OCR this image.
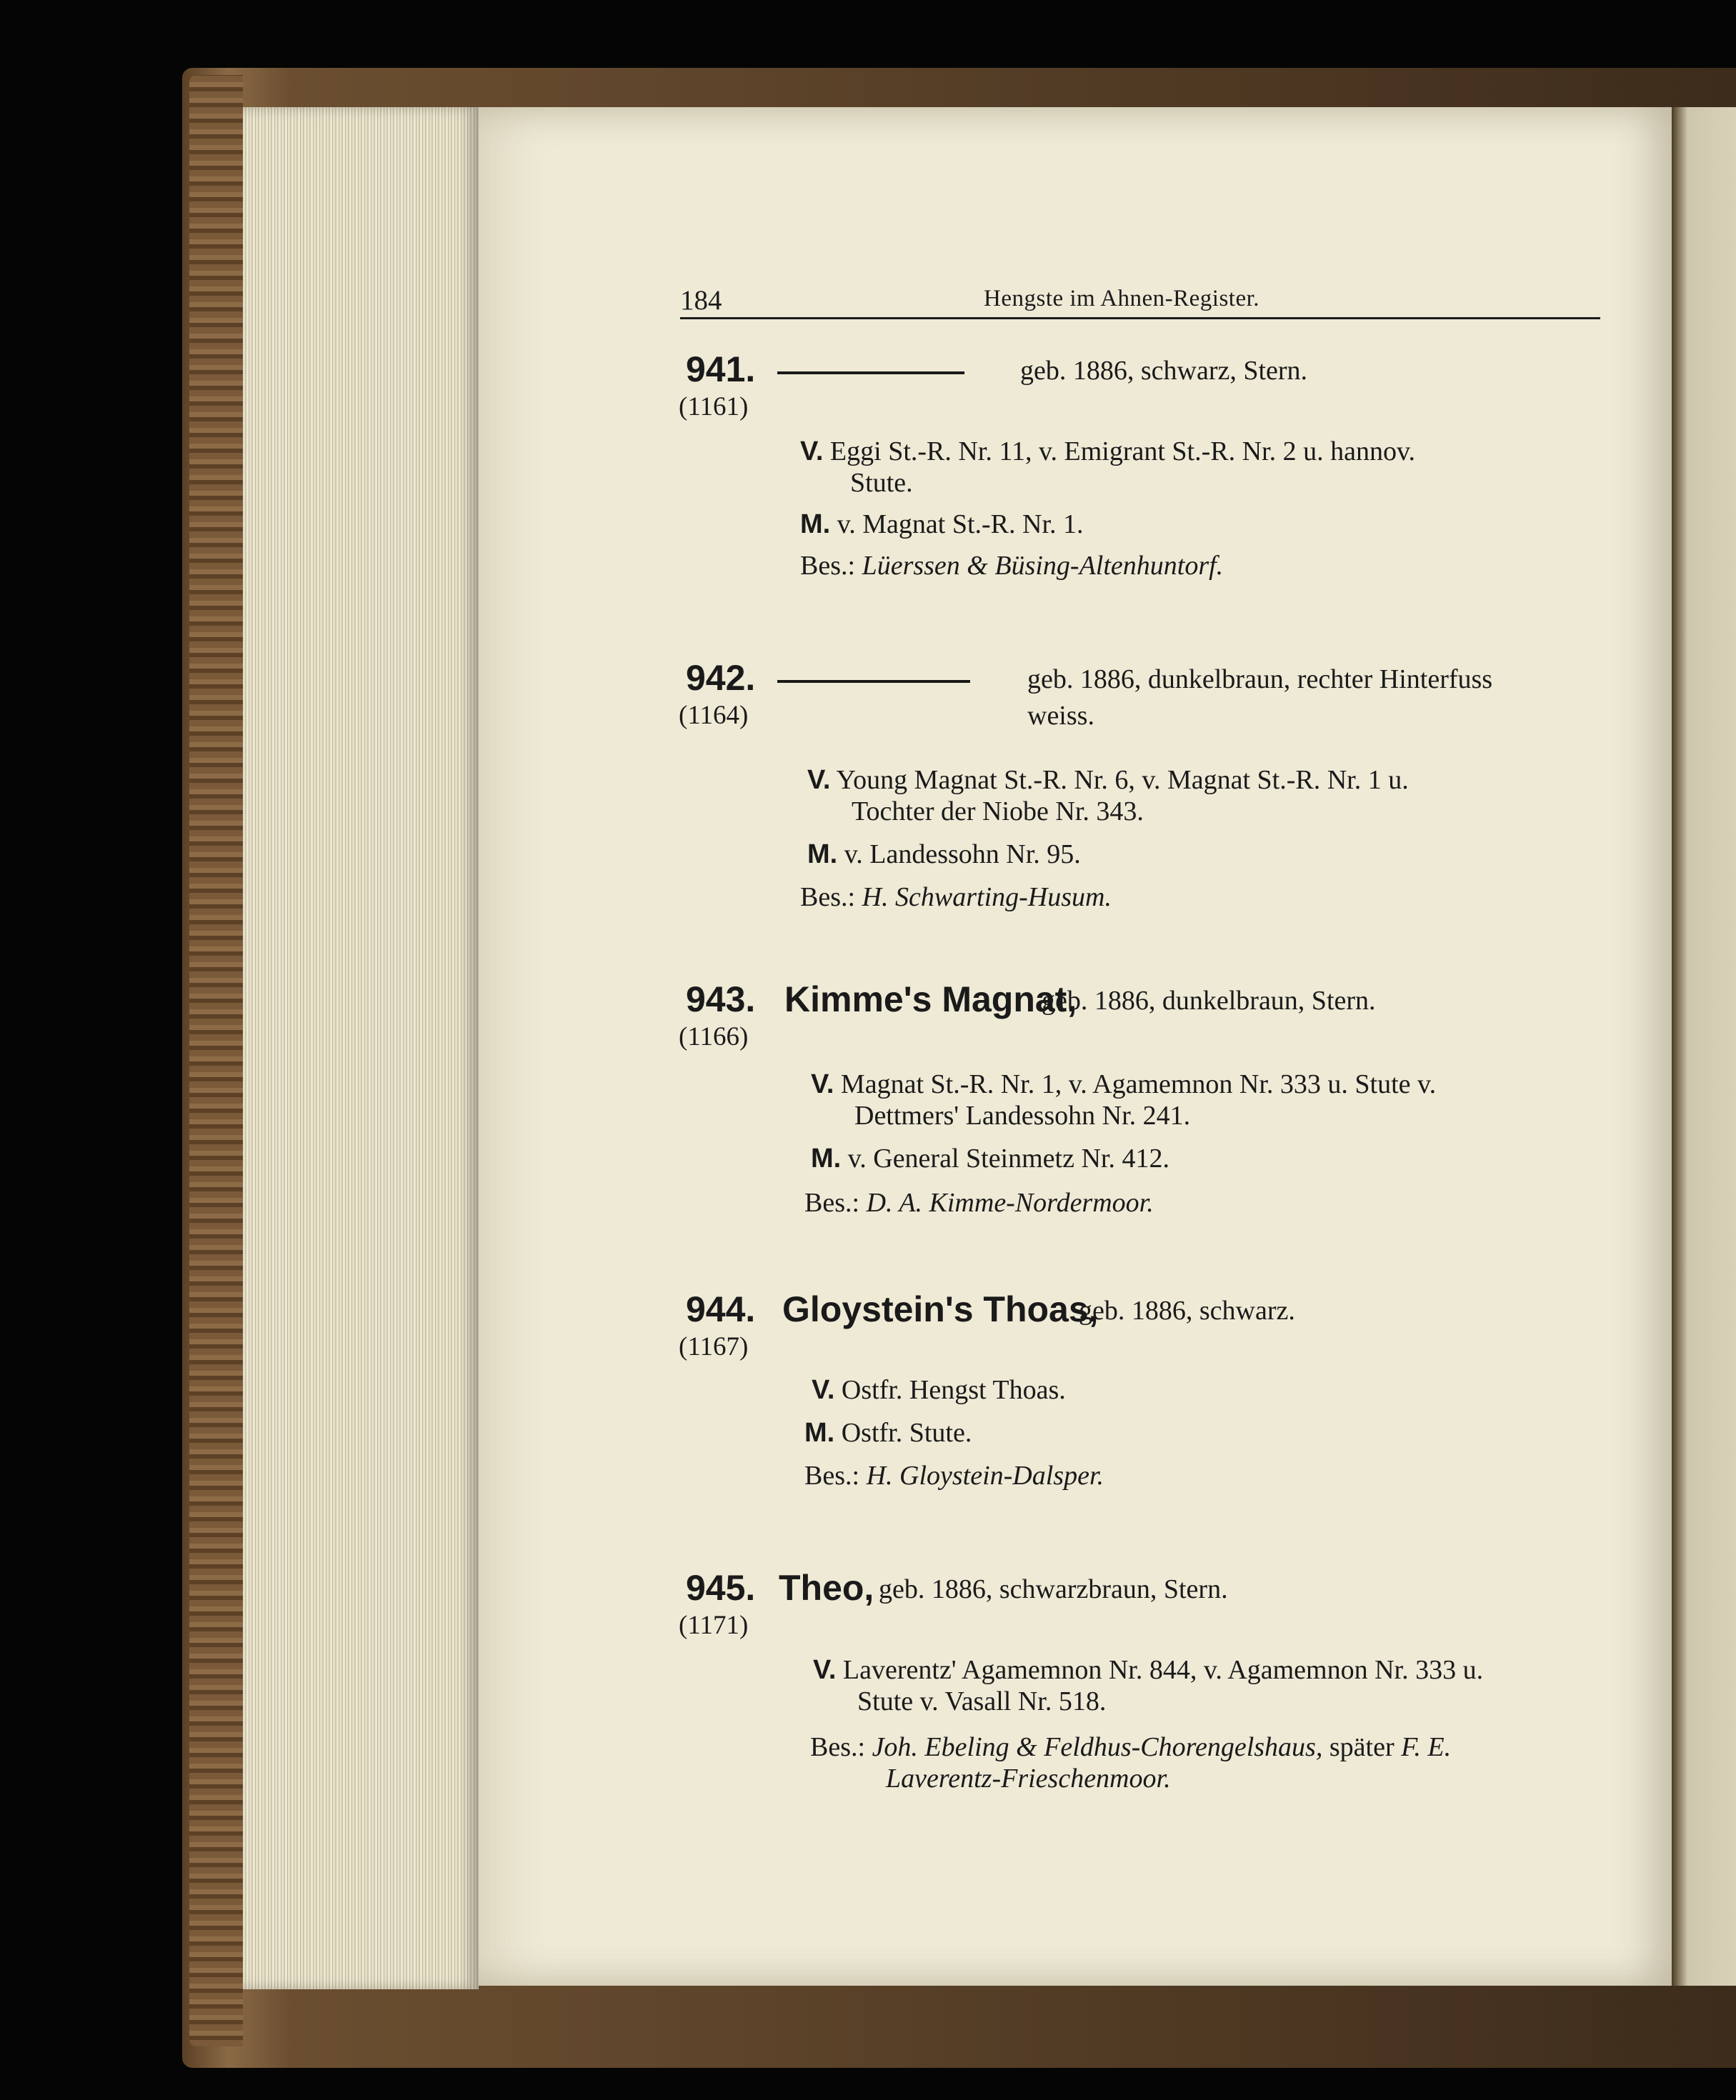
184	Hengste im Ahnen-Register.
941.
(1161)
geb. 1886, schwarz, Stern.
V. Eggi St.-R. Nr. 11, v. Emigrant St.-R. Nr. 2 u. hannov.
Stute.
M. v. Magnat St.-R. Nr. 1.
Bes.: Lüerssen & Büsing-Altenhuntorf.
942.
(1164)
geb. 1886, dunkelbraun, rechter Hinterfuss
weiss.
V. Young Magnat St.-R. Nr. 6, v. Magnat St.-R. Nr. 1 u.
Tochter der Niobe Nr. 343.
M. v. Landessohn Nr. 95.
Bes.: H. Schwarting-Husum.
943.
(1166)
Kimme's Magnat,
geb. 1886, dunkelbraun, Stern.
V. Magnat St.-R. Nr. 1, v. Agamemnon Nr. 333 u. Stute v.
Dettmers' Landessohn Nr. 241.
M. v. General Steinmetz Nr. 412.
Bes.: D. A. Kimme-Nordermoor.
944.
(1167)
Gloystein's Thoas,
geb. 1886, schwarz.
V. Ostfr. Hengst Thoas.
M. Ostfr. Stute.
Bes.: H. Gloystein-Dalsper.
945.
(1171)
Theo, geb. 1886, schwarzbraun, Stern.
V. Laverentz' Agamemnon Nr. 844, v. Agamemnon Nr. 333 u.
Stute v. Vasall Nr. 518.
Bes.: Joh. Ebeling & Feldhus-Chorengelshaus, später F. E.
Laverentz-Frieschenmoor.
